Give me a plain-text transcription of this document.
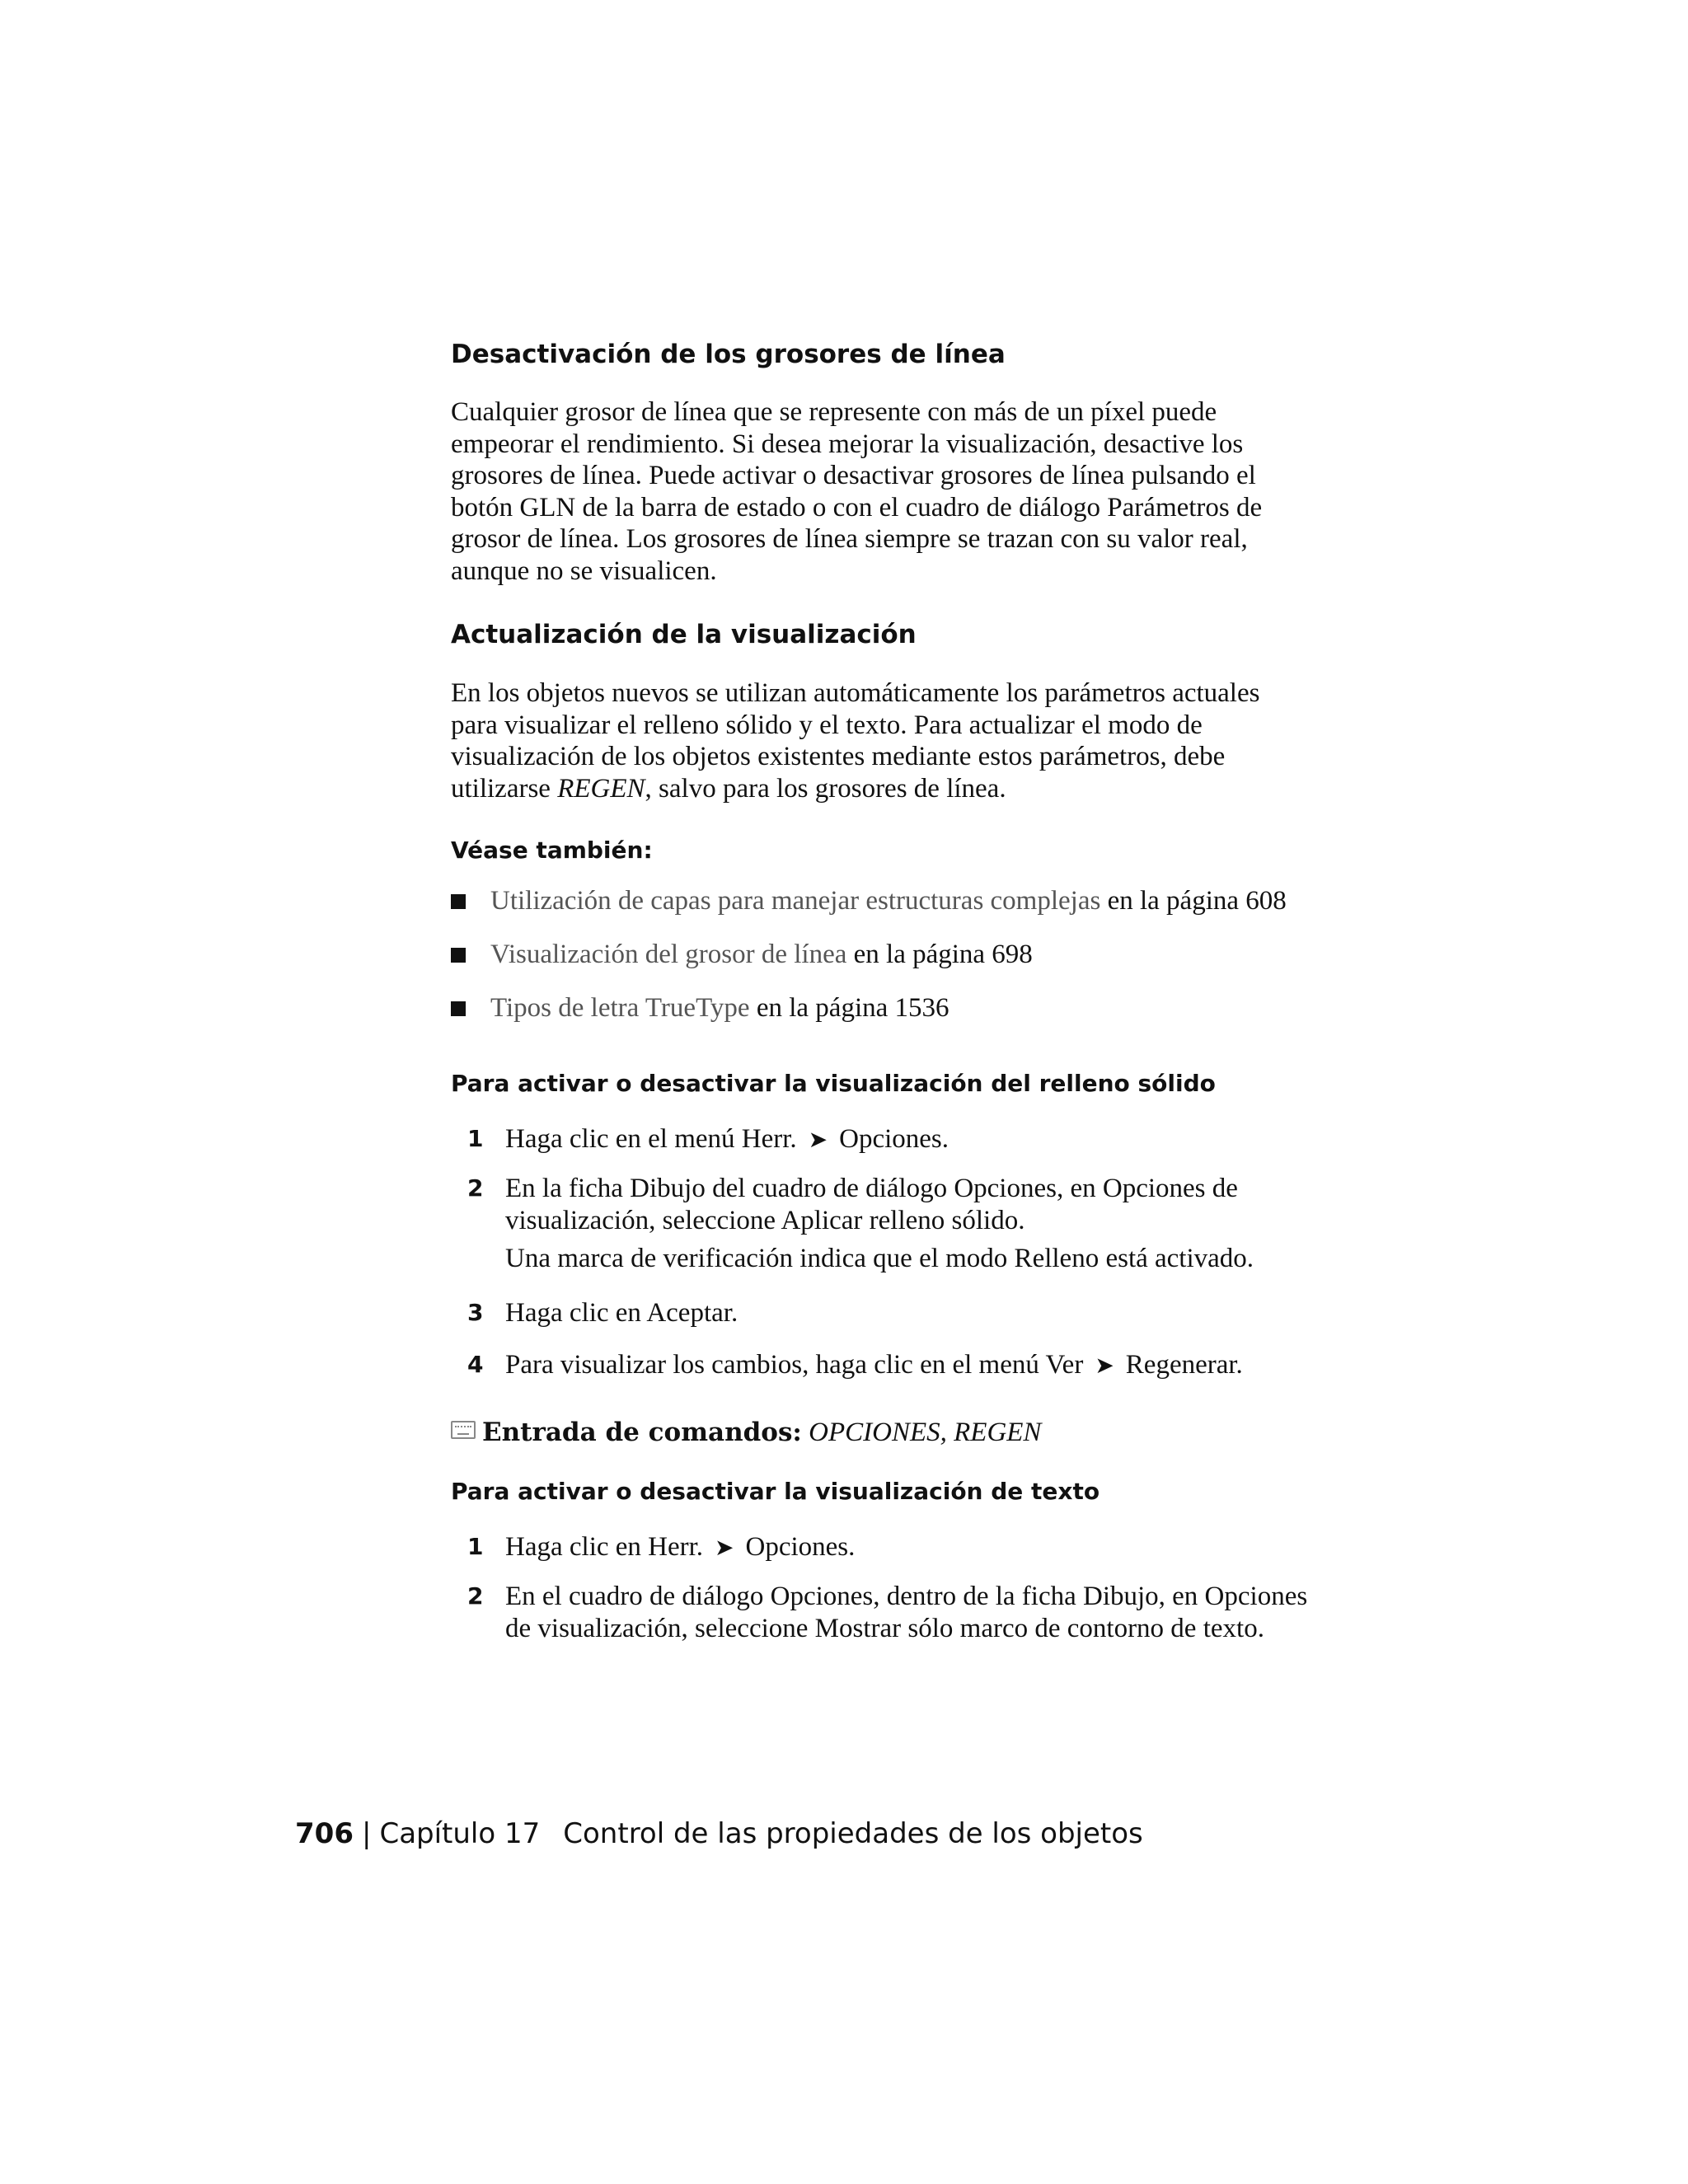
Desactivación de los grosores de línea
Cualquier grosor de línea que se represente con más de un píxel puede
empeorar el rendimiento. Si desea mejorar la visualización, desactive los
grosores de línea. Puede activar o desactivar grosores de línea pulsando el
botón GLN de la barra de estado o con el cuadro de diálogo Parámetros de
grosor de línea. Los grosores de línea siempre se trazan con su valor real,
aunque no se visualicen.
Actualización de la visualización
En los objetos nuevos se utilizan automáticamente los parámetros actuales
para visualizar el relleno sólido y el texto. Para actualizar el modo de
visualización de los objetos existentes mediante estos parámetros, debe
utilizarse REGEN, salvo para los grosores de línea.
Véase también:
Utilización de capas para manejar estructuras complejas en la página 608
Visualización del grosor de línea en la página 698
Tipos de letra TrueType en la página 1536
Para activar o desactivar la visualización del relleno sólido
1 Haga clic en el menú Herr. ➤ Opciones.
2 En la ficha Dibujo del cuadro de diálogo Opciones, en Opciones de
visualización, seleccione Aplicar relleno sólido.
Una marca de verificación indica que el modo Relleno está activado.
3 Haga clic en Aceptar.
4 Para visualizar los cambios, haga clic en el menú Ver ➤ Regenerar.
Entrada de comandos: OPCIONES, REGEN
Para activar o desactivar la visualización de texto
1 Haga clic en Herr. ➤ Opciones.
2 En el cuadro de diálogo Opciones, dentro de la ficha Dibujo, en Opciones
de visualización, seleccione Mostrar sólo marco de contorno de texto.
706 | Capítulo 17 Control de las propiedades de los objetos
